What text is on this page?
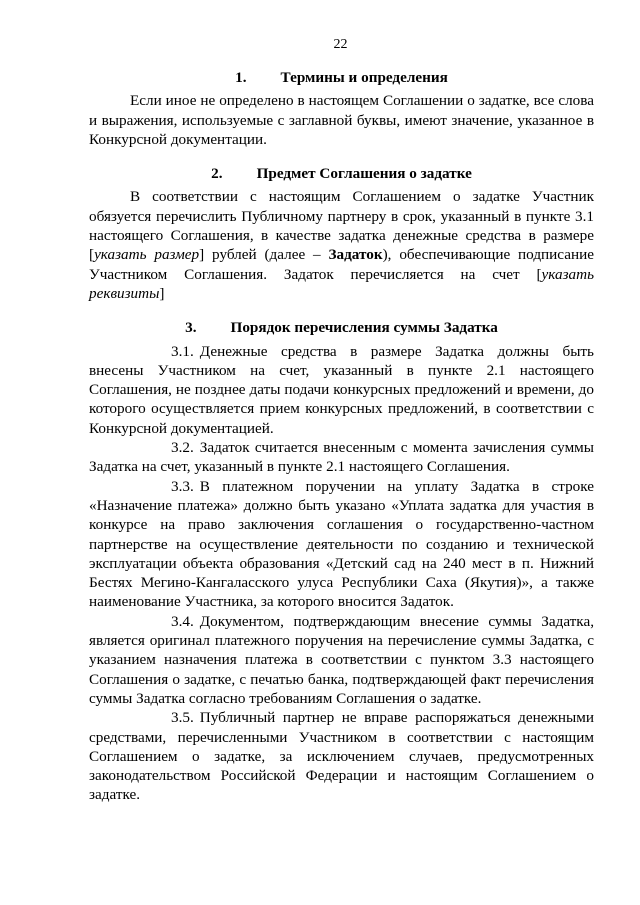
22
1. Термины и определения

Если иное не определено в настоящем Соглашении о задатке, все слова и выражения, используемые с заглавной буквы, имеют значение, указанное в Конкурсной документации.

2. Предмет Соглашения о задатке

В соответствии с настоящим Соглашением о задатке Участник обязуется перечислить Публичному партнеру в срок, указанный в пункте 3.1 настоящего Соглашения, в качестве задатка денежные средства в размере [указать размер] рублей (далее – Задаток), обеспечивающие подписание Участником Соглашения. Задаток перечисляется на счет [указать реквизиты]

3. Порядок перечисления суммы Задатка

3.1. Денежные средства в размере Задатка должны быть внесены Участником на счет, указанный в пункте 2.1 настоящего Соглашения, не позднее даты подачи конкурсных предложений и времени, до которого осуществляется прием конкурсных предложений, в соответствии с Конкурсной документацией.

3.2. Задаток считается внесенным с момента зачисления суммы Задатка на счет, указанный в пункте 2.1 настоящего Соглашения.

3.3. В платежном поручении на уплату Задатка в строке «Назначение платежа» должно быть указано «Уплата задатка для участия в конкурсе на право заключения соглашения о государственно-частном партнерстве на осуществление деятельности по созданию и технической эксплуатации объекта образования «Детский сад на 240 мест в п. Нижний Бестях Мегино-Кангаласского улуса Республики Саха (Якутия)», а также наименование Участника, за которого вносится Задаток.

3.4. Документом, подтверждающим внесение суммы Задатка, является оригинал платежного поручения на перечисление суммы Задатка, с указанием назначения платежа в соответствии с пунктом 3.3 настоящего Соглашения о задатке, с печатью банка, подтверждающей факт перечисления суммы Задатка согласно требованиям Соглашения о задатке.

3.5. Публичный партнер не вправе распоряжаться денежными средствами, перечисленными Участником в соответствии с настоящим Соглашением о задатке, за исключением случаев, предусмотренных законодательством Российской Федерации и настоящим Соглашением о задатке.
